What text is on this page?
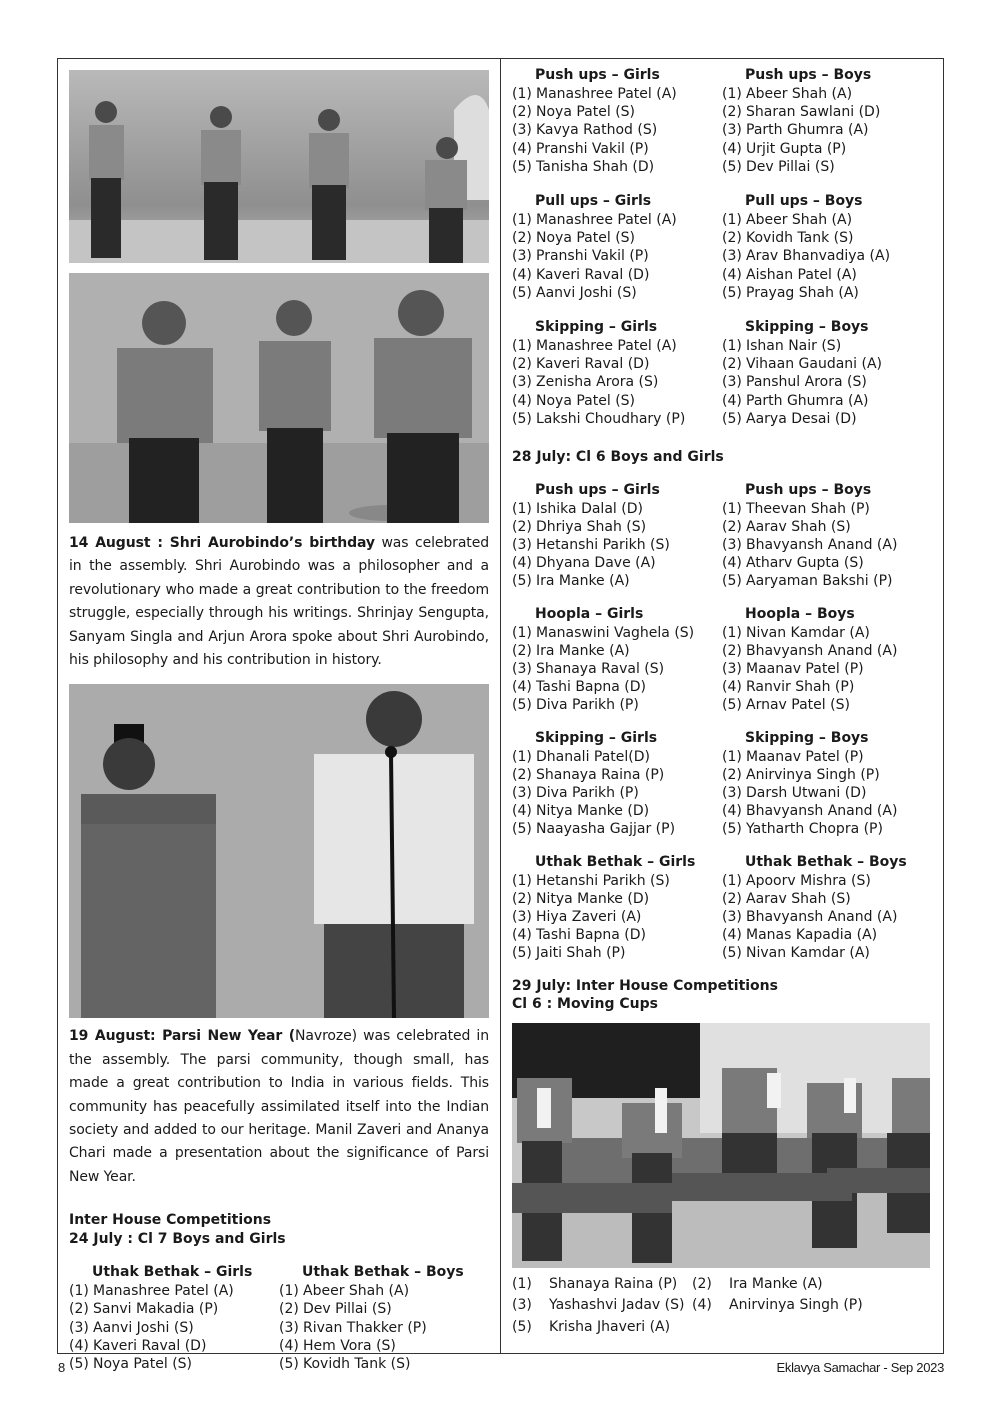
14 August : Shri Aurobindo’s birthday was celebrated in the assembly. Shri Aurobindo was a philosopher and a revolutionary who made a great contribution to the freedom struggle, especially through his writings. Shrinjay Sengupta, Sanyam Singla and Arjun Arora spoke about Shri Aurobindo, his philosophy and his contribution in history.

19 August: Parsi New Year (Navroze) was celebrated in the assembly. The parsi community, though small, has made a great contribution to India in various fields. This community has peacefully assimilated itself into the Indian society and added to our heritage. Manil Zaveri and Ananya Chari made a presentation about the significance of Parsi New Year.

Inter House Competitions

24 July : Cl 7 Boys and Girls

Uthak Bethak – Girls
(1) Manashree Patel (A)
(2) Sanvi Makadia (P)
(3) Aanvi Joshi (S)
(4) Kaveri Raval (D)
(5) Noya Patel (S)
Uthak Bethak – Boys
(1) Abeer Shah (A)
(2) Dev Pillai (S)
(3) Rivan Thakker (P)
(4) Hem Vora (S)
(5) Kovidh Tank (S)
Push ups – Girls
(1) Manashree Patel (A)
(2) Noya Patel (S)
(3) Kavya Rathod (S)
(4) Pranshi Vakil (P)
(5) Tanisha Shah (D)
Push ups – Boys
(1) Abeer Shah (A)
(2) Sharan Sawlani (D)
(3) Parth Ghumra (A)
(4) Urjit Gupta (P)
(5) Dev Pillai (S)
Pull ups – Girls
(1) Manashree Patel (A)
(2) Noya Patel (S)
(3) Pranshi Vakil (P)
(4) Kaveri Raval (D)
(5) Aanvi Joshi (S)
Pull ups – Boys
(1) Abeer Shah (A)
(2) Kovidh Tank (S)
(3) Arav Bhanvadiya (A)
(4) Aishan Patel (A)
(5) Prayag Shah (A)
Skipping – Girls
(1) Manashree Patel (A)
(2) Kaveri Raval (D)
(3) Zenisha Arora (S)
(4) Noya Patel (S)
(5) Lakshi Choudhary (P)
Skipping – Boys
(1) Ishan Nair (S)
(2) Vihaan Gaudani (A)
(3) Panshul Arora (S)
(4) Parth Ghumra (A)
(5) Aarya Desai (D)

28 July: Cl 6 Boys and Girls

Push ups – Girls
(1) Ishika Dalal (D)
(2) Dhriya Shah (S)
(3) Hetanshi Parikh (S)
(4) Dhyana Dave (A)
(5) Ira Manke (A)
Push ups – Boys
(1) Theevan Shah (P)
(2) Aarav Shah (S)
(3) Bhavyansh Anand (A)
(4) Atharv Gupta (S)
(5) Aaryaman Bakshi (P)
Hoopla – Girls
(1) Manaswini Vaghela (S)
(2) Ira Manke (A)
(3) Shanaya Raval (S)
(4) Tashi Bapna (D)
(5) Diva Parikh (P)
Hoopla – Boys
(1) Nivan Kamdar (A)
(2) Bhavyansh Anand (A)
(3) Maanav Patel (P)
(4) Ranvir Shah (P)
(5) Arnav Patel (S)
Skipping – Girls
(1) Dhanali Patel(D)
(2) Shanaya Raina (P)
(3) Diva Parikh (P)
(4) Nitya Manke (D)
(5) Naayasha Gajjar (P)
Skipping – Boys
(1) Maanav Patel (P)
(2) Anirvinya Singh (P)
(3) Darsh Utwani (D)
(4) Bhavyansh Anand (A)
(5) Yatharth Chopra (P)
Uthak Bethak – Girls
(1) Hetanshi Parikh (S)
(2) Nitya Manke (D)
(3) Hiya Zaveri (A)
(4) Tashi Bapna (D)
(5) Jaiti Shah (P)
Uthak Bethak – Boys
(1) Apoorv Mishra (S)
(2) Aarav Shah (S)
(3) Bhavyansh Anand (A)
(4) Manas Kapadia (A)
(5) Nivan Kamdar (A)

29 July: Inter House Competitions

Cl 6 : Moving Cups

(1) Shanaya Raina (P)	(2) Ira Manke (A)
(3) Yashashvi Jadav (S) (4) Anirvinya Singh (P)
(5) Krisha Jhaveri (A)
8	Eklavya Samachar - Sep 2023
